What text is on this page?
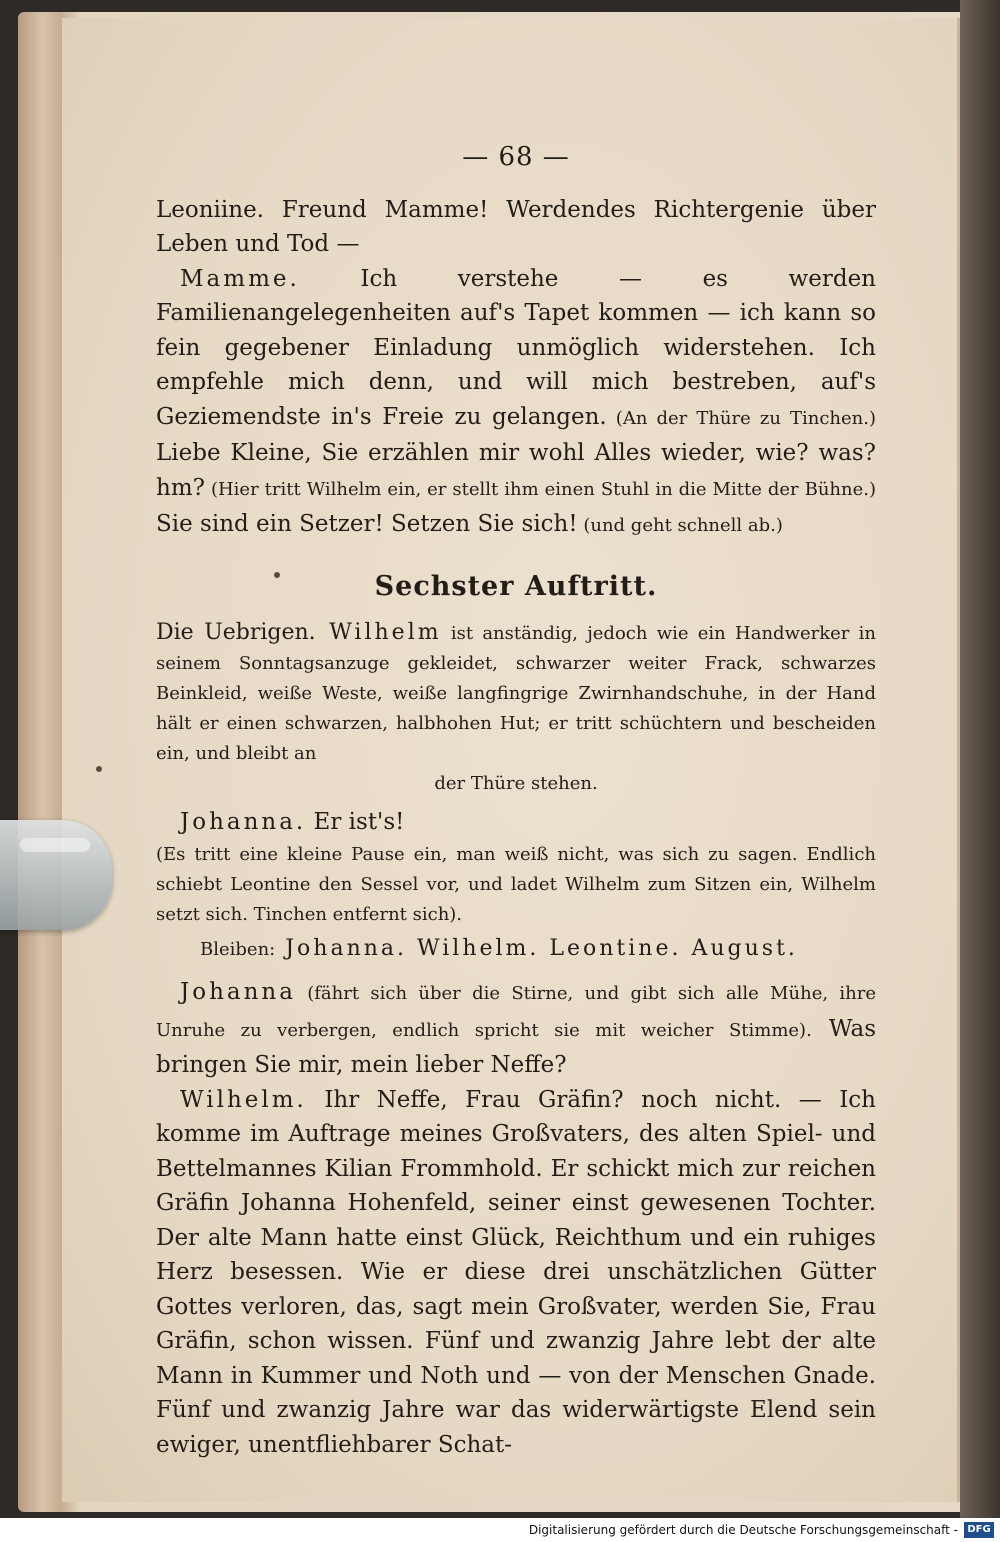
— 68 —

Leoniine. Freund Mamme! Werdendes Richtergenie über Leben und Tod —

Mamme. Ich verstehe — es werden Familienangelegenheiten auf's Tapet kommen — ich kann so fein gegebener Einladung unmöglich widerstehen. Ich empfehle mich denn, und will mich bestreben, auf's Geziemendste in's Freie zu gelangen. (An der Thüre zu Tinchen.) Liebe Kleine, Sie erzählen mir wohl Alles wieder, wie? was? hm? (Hier tritt Wilhelm ein, er stellt ihm einen Stuhl in die Mitte der Bühne.) Sie sind ein Setzer! Setzen Sie sich! (und geht schnell ab.)

Sechster Auftritt.

Die Uebrigen. Wilhelm ist anständig, jedoch wie ein Handwerker in seinem Sonntagsanzuge gekleidet, schwarzer weiter Frack, schwarzes Beinkleid, weiße Weste, weiße langfingrige Zwirnhandschuhe, in der Hand hält er einen schwarzen, halbhohen Hut; er tritt schüchtern und bescheiden ein, und bleibt an

der Thüre stehen.

Johanna. Er ist's!

(Es tritt eine kleine Pause ein, man weiß nicht, was sich zu sagen. Endlich schiebt Leontine den Sessel vor, und ladet Wilhelm zum Sitzen ein, Wilhelm setzt sich. Tinchen entfernt sich).

Bleiben: Johanna. Wilhelm. Leontine. August.

Johanna (fährt sich über die Stirne, und gibt sich alle Mühe, ihre Unruhe zu verbergen, endlich spricht sie mit weicher Stimme). Was bringen Sie mir, mein lieber Neffe?

Wilhelm. Ihr Neffe, Frau Gräfin? noch nicht. — Ich komme im Auftrage meines Großvaters, des alten Spiel- und Bettelmannes Kilian Frommhold. Er schickt mich zur reichen Gräfin Johanna Hohenfeld, seiner einst gewesenen Tochter. Der alte Mann hatte einst Glück, Reichthum und ein ruhiges Herz besessen. Wie er diese drei unschätzlichen Gütter Gottes verloren, das, sagt mein Großvater, werden Sie, Frau Gräfin, schon wissen. Fünf und zwanzig Jahre lebt der alte Mann in Kummer und Noth und — von der Menschen Gnade. Fünf und zwanzig Jahre war das widerwärtigste Elend sein ewiger, unentfliehbarer Schat-

Digitalisierung gefördert durch die Deutsche Forschungsgemeinschaft - DFG
